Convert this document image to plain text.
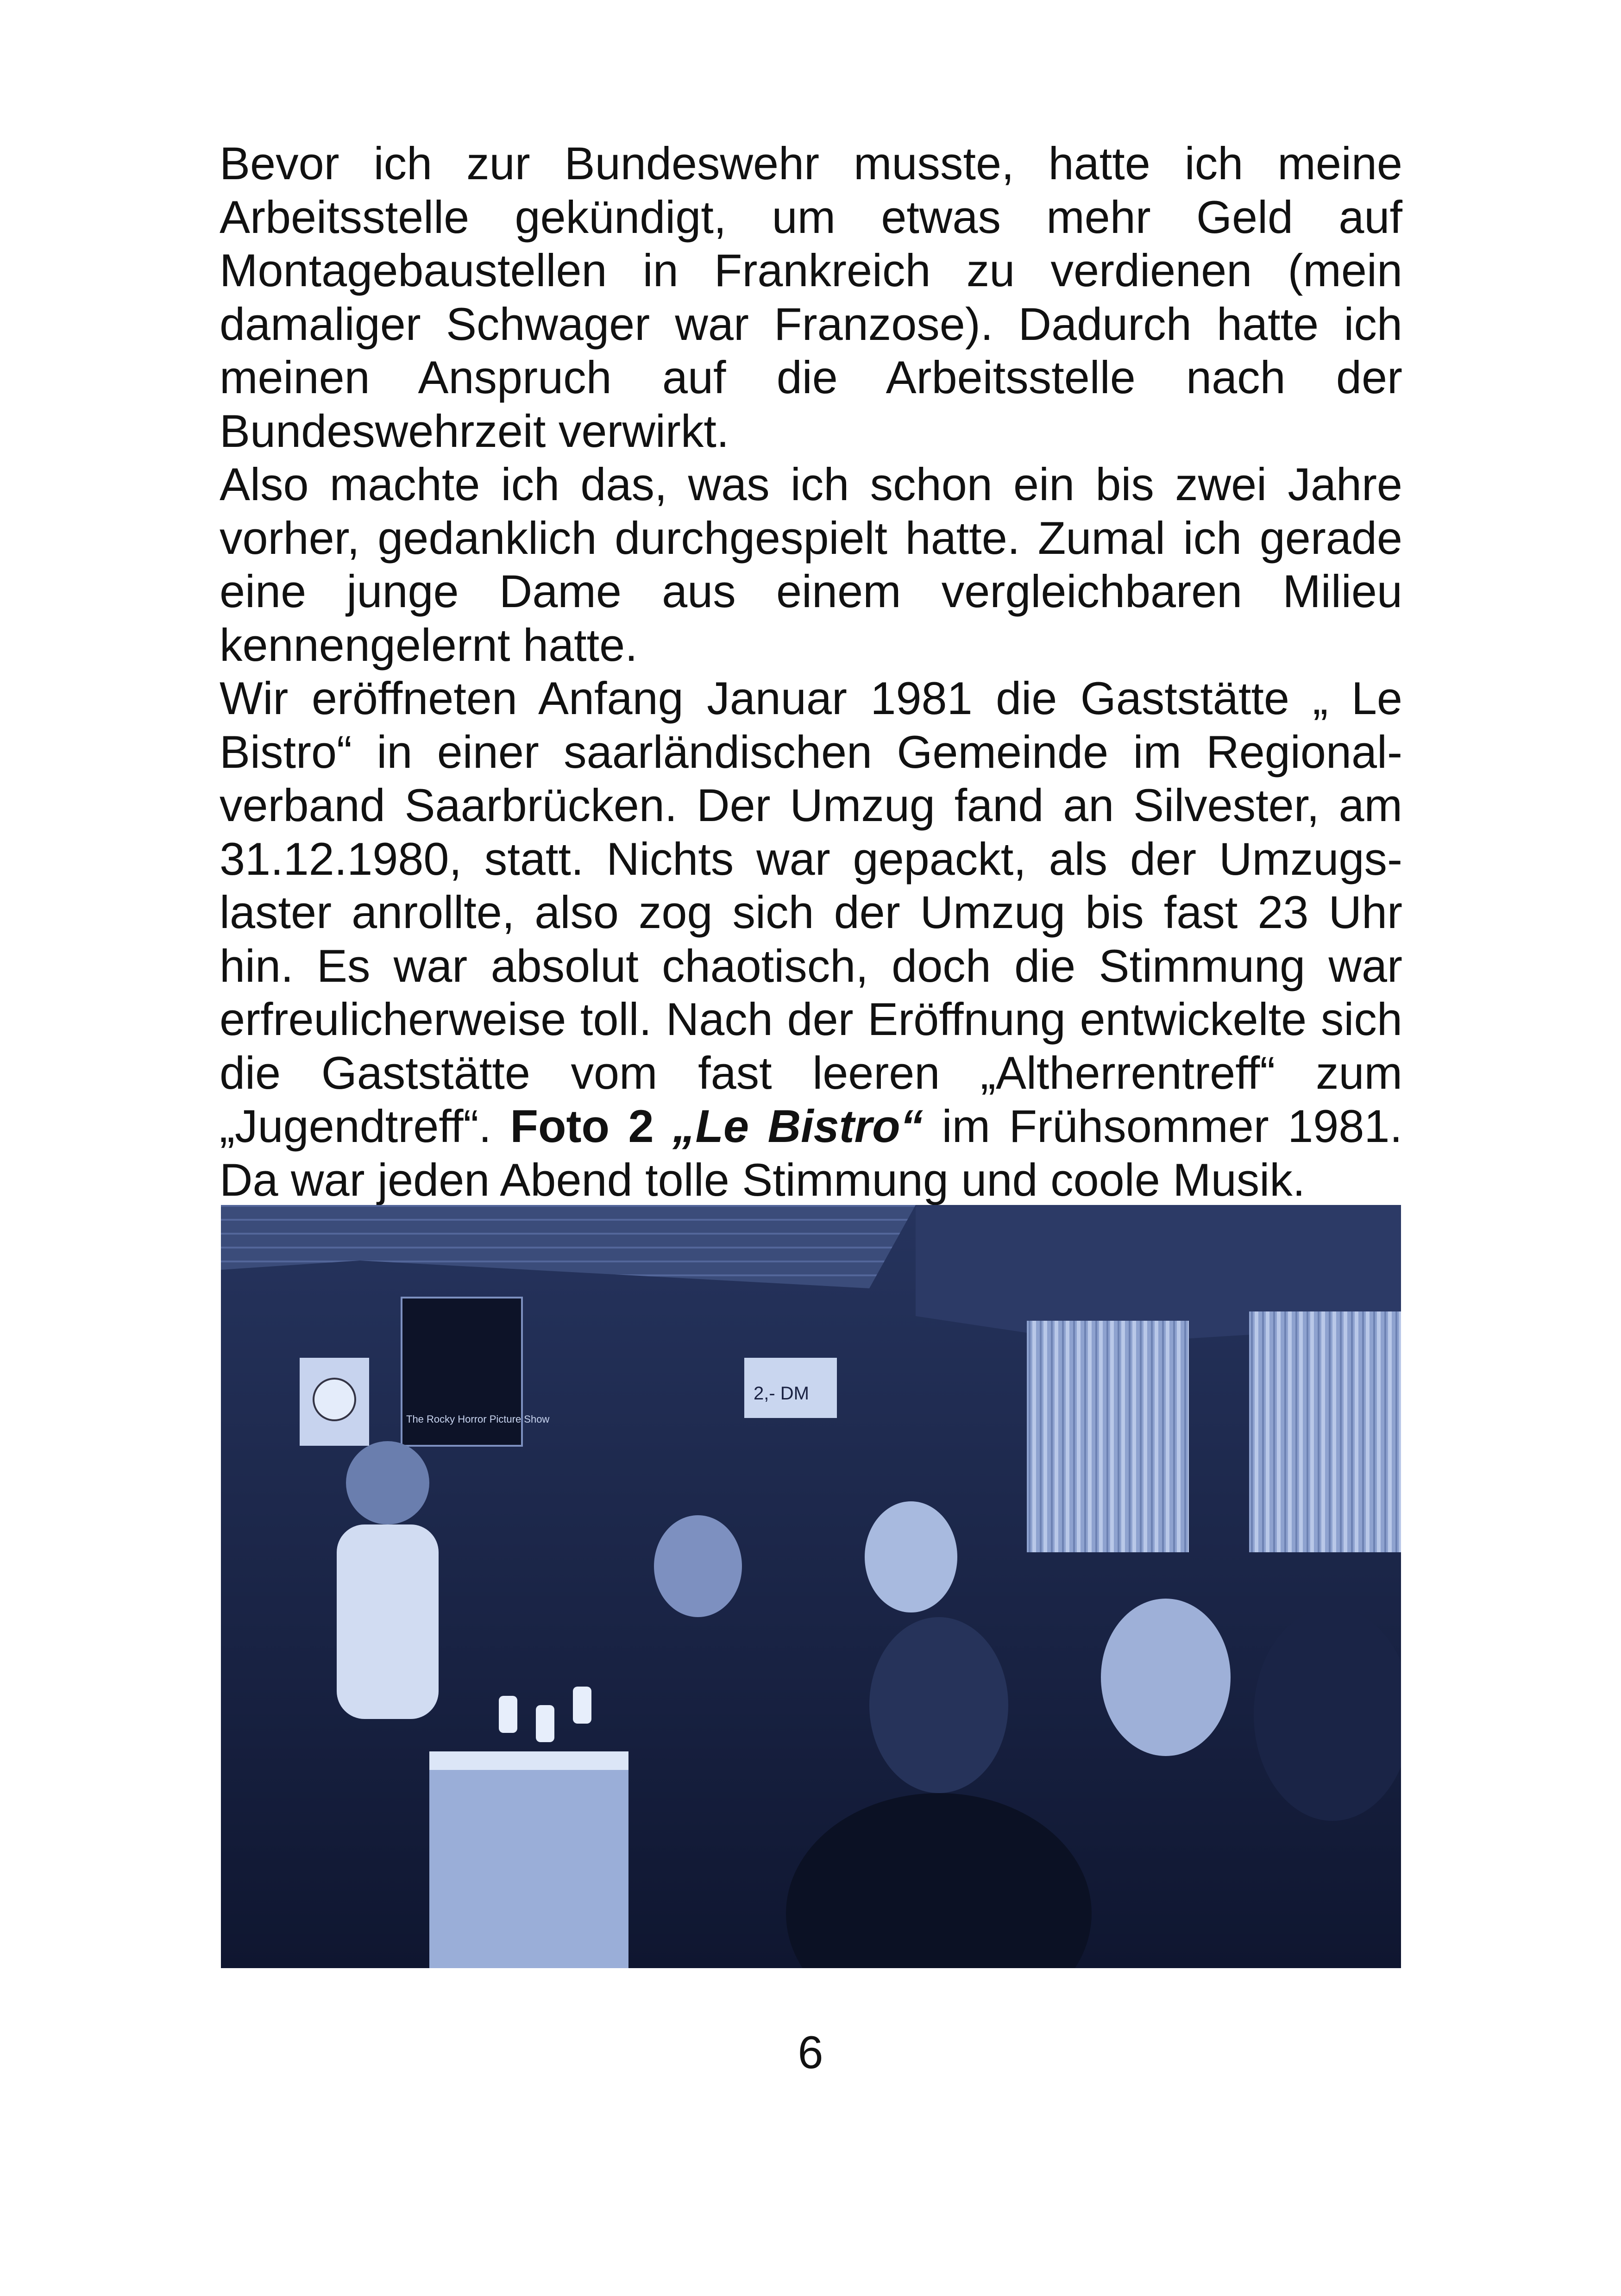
Bevor ich zur Bundeswehr musste, hatte ich meine Arbeitsstelle gekündigt, um etwas mehr Geld auf Montagebaustellen in Frankreich zu verdienen (mein damaliger Schwager war Franzose). Dadurch hatte ich meinen Anspruch auf die Arbeitsstelle nach der Bundeswehrzeit verwirkt.

Also machte ich das, was ich schon ein bis zwei Jahre vorher, gedanklich durchgespielt hatte. Zumal ich gerade eine junge Dame aus einem vergleichbaren Milieu kennengelernt hatte.

Wir eröffneten Anfang Januar 1981 die Gaststätte „ Le Bistro“ in einer saarländischen Gemeinde im Regional-verband Saarbrücken. Der Umzug fand an Silvester, am 31.12.1980, statt. Nichts war gepackt, als der Umzugs-laster anrollte, also zog sich der Umzug bis fast 23 Uhr hin. Es war absolut chaotisch, doch die Stimmung war erfreulicherweise toll. Nach der Eröffnung entwickelte sich die Gaststätte vom fast leeren „Altherrentreff“ zum „Jugendtreff“. Foto 2 „Le Bistro“ im Frühsommer 1981. Da war jeden Abend tolle Stimmung und coole Musik.

The Rocky Horror Picture Show
2,- DM
6
